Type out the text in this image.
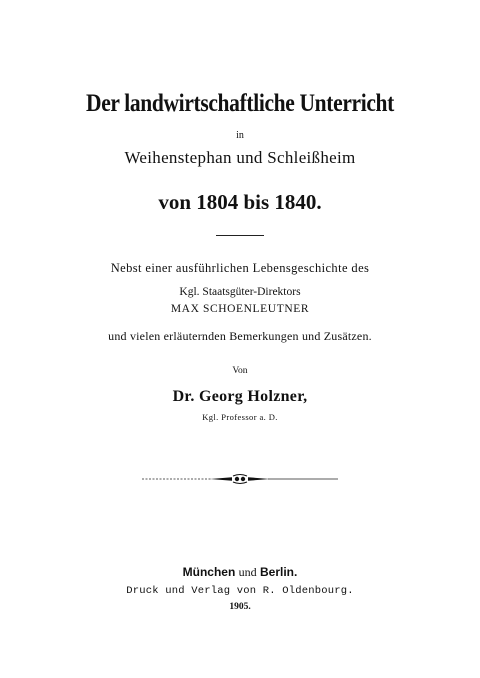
Der landwirtschaftliche Unterricht
in
Weihenstephan und Schleißheim
von 1804 bis 1840.
Nebst einer ausführlichen Lebensgeschichte des
Kgl. Staatsgüter-Direktors
MAX SCHOENLEUTNER
und vielen erläuternden Bemerkungen und Zusätzen.
Von
Dr. Georg Holzner,
Kgl. Professor a. D.
München und Berlin.
Druck und Verlag von R. Oldenbourg.
1905.
